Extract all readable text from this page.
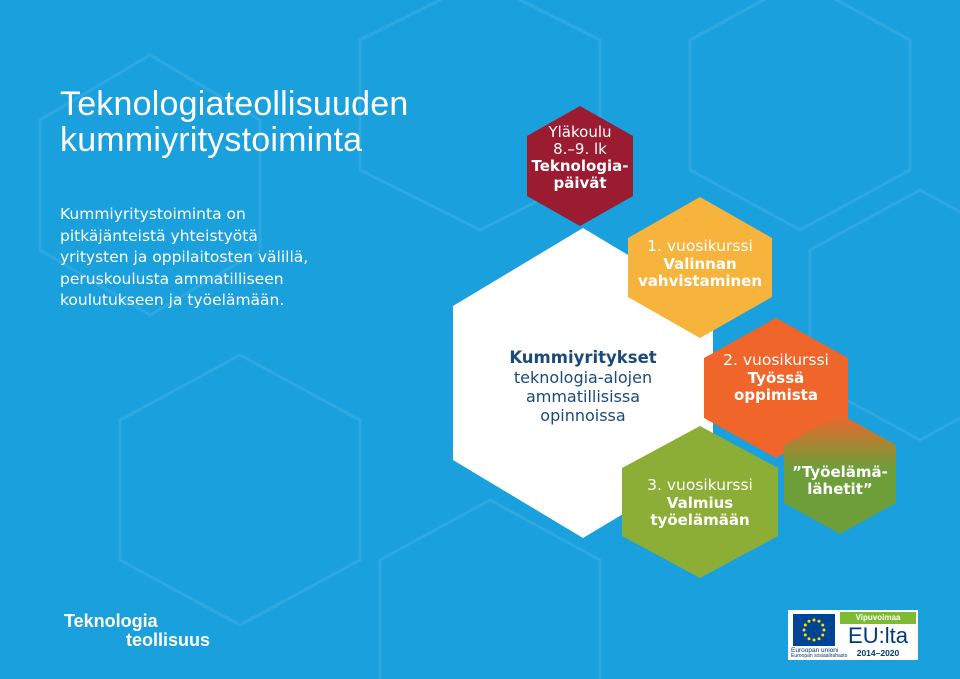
Teknologiateollisuuden
kummiyritystoiminta

Kummiyritystoiminta on
pitkäjänteistä yhteistyötä
yritysten ja oppilaitosten välillä,
peruskoulusta ammatilliseen
koulutukseen ja työelämään.

Yläkoulu
8.–9. lk
Teknologia-
päivät
1. vuosikurssi
Valinnan
vahvistaminen
Kummiyritykset
teknologia-alojen
ammatillisissa
opinnoissa
2. vuosikurssi
Työssä
oppimista
3. vuosikurssi
Valmius
työelämään
”Työelämä-
lähetit”
Teknologia
teollisuus
Euroopan unioni
Euroopan sosiaalirahasto
Vipuvoimaa
EU:lta
2014–2020
